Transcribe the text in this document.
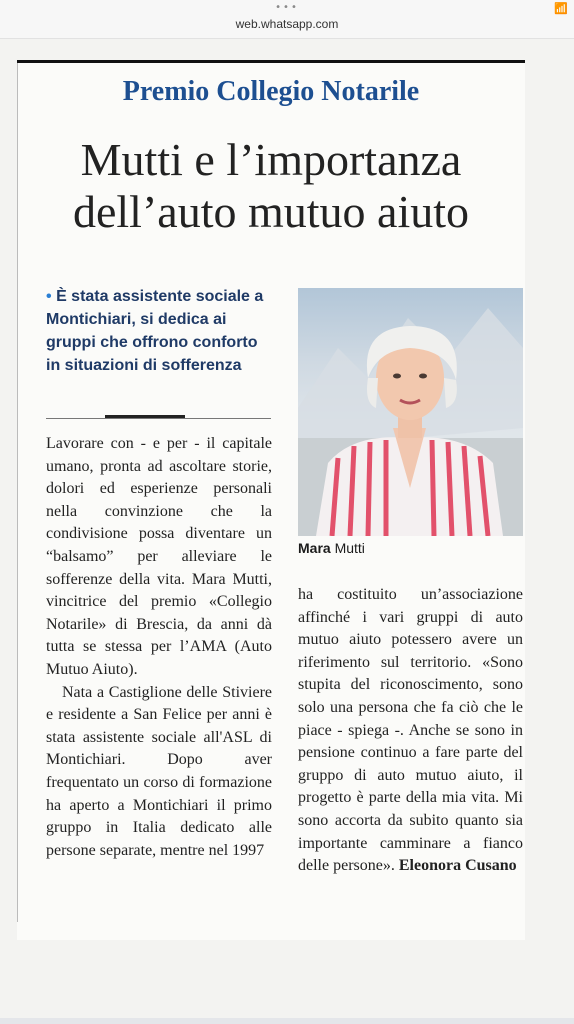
•••
web.whatsapp.com
📶
Premio Collegio Notarile
Mutti e l’importanza
dell’auto mutuo aiuto
• È stata assistente sociale a Montichiari, si dedica ai gruppi che offrono conforto in situazioni di sofferenza
Mara Mutti

Lavorare con - e per - il capitale umano, pronta ad ascoltare storie, dolori ed esperienze personali nella convinzione che la condivisione possa diventare un “balsamo” per alleviare le sofferenze della vita. Mara Mutti, vincitrice del premio «Collegio Notarile» di Brescia, da anni dà tutta se stessa per l’AMA (Auto Mutuo Aiuto).

Nata a Castiglione delle Stiviere e residente a San Felice per anni è stata assistente sociale all'ASL di Montichiari. Dopo aver frequentato un corso di formazione ha aperto a Montichiari il primo gruppo in Italia dedicato alle persone separate, mentre nel 1997

ha costituito un’associazione affinché i vari gruppi di auto mutuo aiuto potessero avere un riferimento sul territorio. «Sono stupita del riconoscimento, sono solo una persona che fa ciò che le piace - spiega -. Anche se sono in pensione continuo a fare parte del gruppo di auto mutuo aiuto, il progetto è parte della mia vita. Mi sono accorta da subito quanto sia importante camminare a fianco delle persone». Eleonora Cusano
